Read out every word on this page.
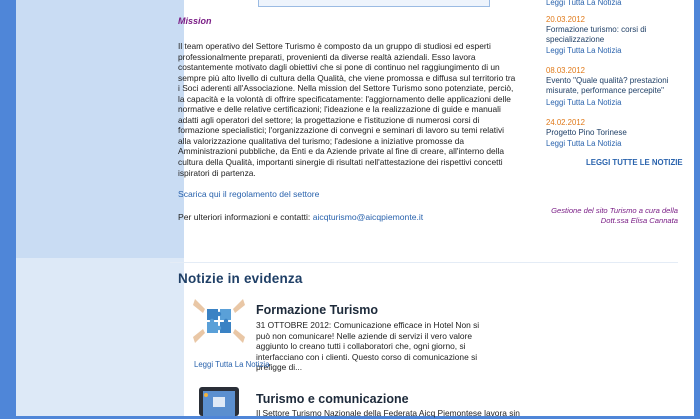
Mission
Il team operativo del Settore Turismo è composto da un gruppo di studiosi ed esperti professionalmente preparati, provenienti da diverse realtà aziendali. Esso lavora costantemente motivato dagli obiettivi che si pone di continuo nel raggiungimento di un sempre più alto livello di cultura della Qualità, che viene promossa e diffusa sul territorio tra i Soci aderenti all'Associazione. Nella mission del Settore Turismo sono potenziate, perciò, la capacità e la volontà di offrire specificatamente: l'aggiornamento delle applicazioni delle normative e delle relative certificazioni; l'ideazione e la realizzazione di guide e manuali adatti agli operatori del settore; la progettazione e l'istituzione di numerosi corsi di formazione specialistici; l'organizzazione di convegni e seminari di lavoro su temi relativi alla valorizzazione qualitativa del turismo; l'adesione a iniziative promosse da Amministrazioni pubbliche, da Enti e da Aziende private al fine di creare, all'interno della cultura della Qualità, importanti sinergie di risultati nell'attestazione dei rispettivi concetti ispiratori di partenza.
Scarica qui il regolamento del settore
Per ulteriori informazioni e contatti: aicqturismo@aicqpiemonte.it
Leggi Tutta La Notizia
20.03.2012
Formazione turismo: corsi di specializzazione
Leggi Tutta La Notizia
08.03.2012
Evento "Quale qualità? prestazioni misurate, performance percepite"
Leggi Tutta La Notizia
24.02.2012
Progetto Pino Torinese
Leggi Tutta La Notizia
LEGGI TUTTE LE NOTIZIE
Gestione del sito Turismo a cura della Dott.ssa Elisa Cannata
Notizie in evidenza
Formazione Turismo
31 OTTOBRE 2012: Comunicazione efficace in Hotel Non si può non comunicare! Nelle aziende di servizi il vero valore aggiunto lo creano tutti i collaboratori che, ogni giorno, si interfacciano con i clienti. Questo corso di comunicazione si prefigge di...
Leggi Tutta La Notizia
Turismo e comunicazione
Il Settore Turismo Nazionale della Federata Aicq Piemontese lavora sin
